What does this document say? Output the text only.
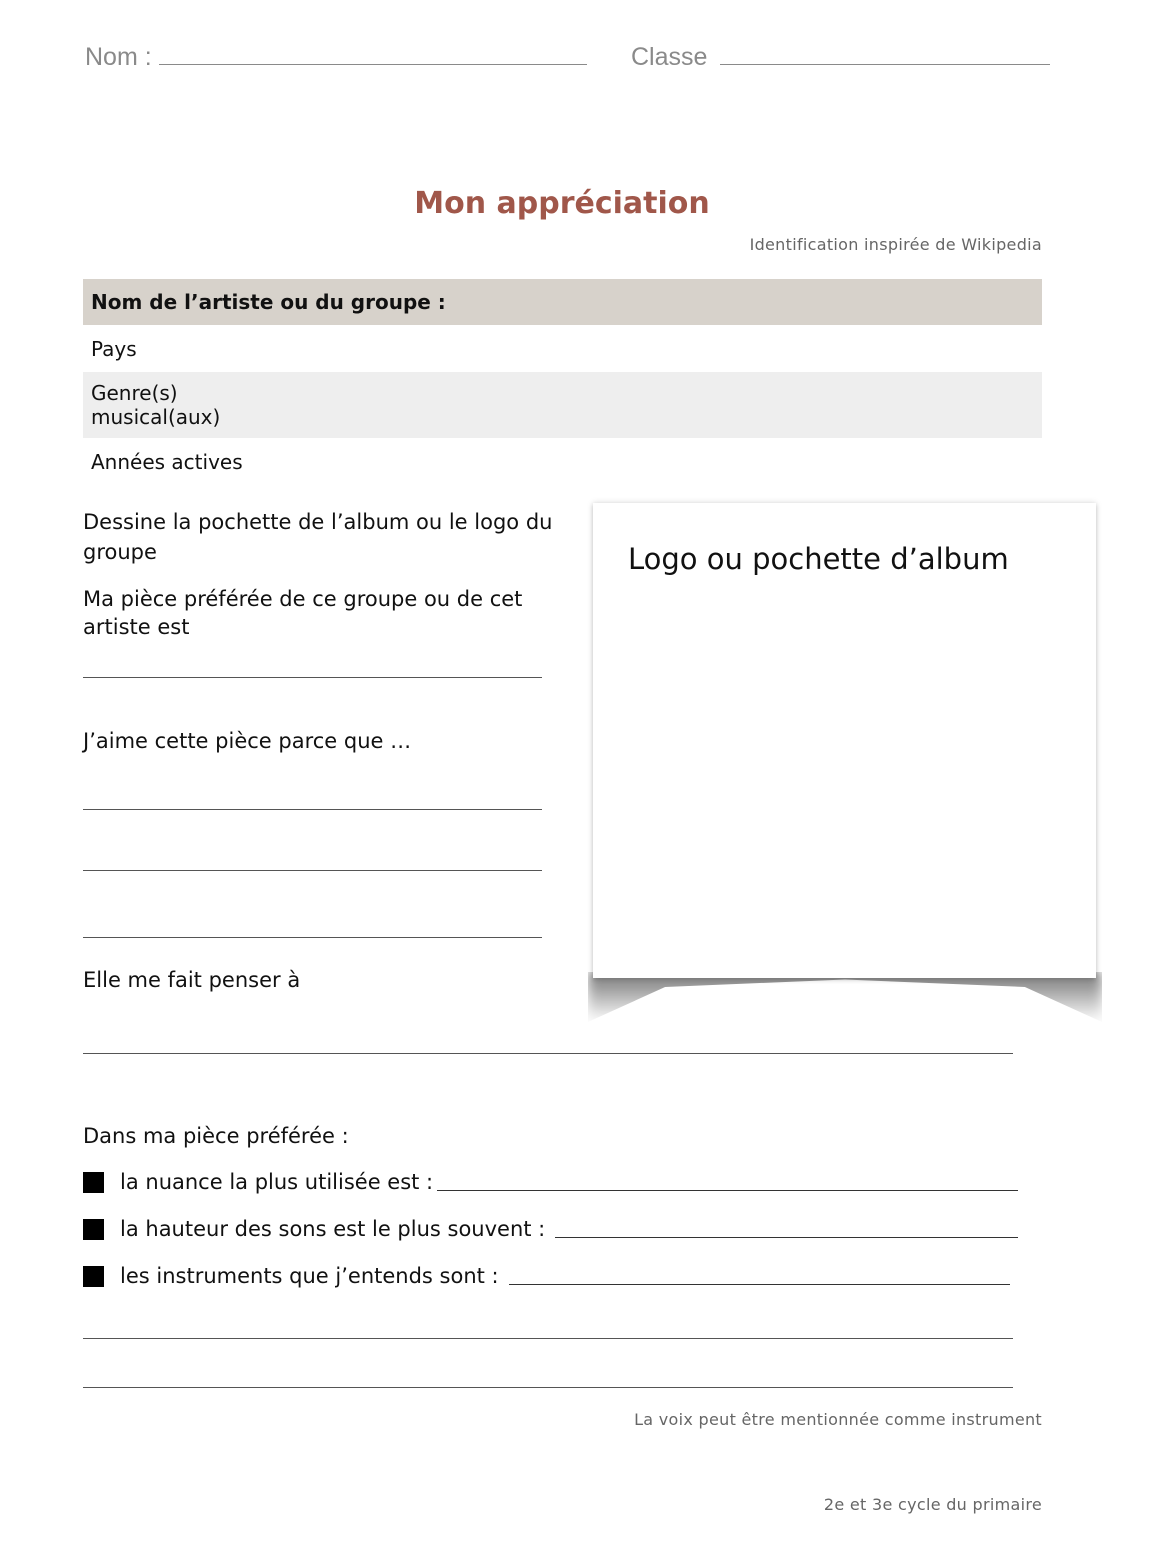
Nom :	Classe
Mon appréciation
Identification inspirée de Wikipedia
Nom de l’artiste ou du groupe :
Pays
Genre(s)
musical(aux)
Années actives
Dessine la pochette de l’album ou le logo du groupe
Ma pièce préférée de ce groupe ou de cet artiste est
J’aime cette pièce parce que …
Elle me fait penser à
Logo ou pochette d’album
Dans ma pièce préférée :
la nuance la plus utilisée est :
la hauteur des sons est le plus souvent :
les instruments que j’entends sont :
La voix peut être mentionnée comme instrument
2e et 3e cycle du primaire
